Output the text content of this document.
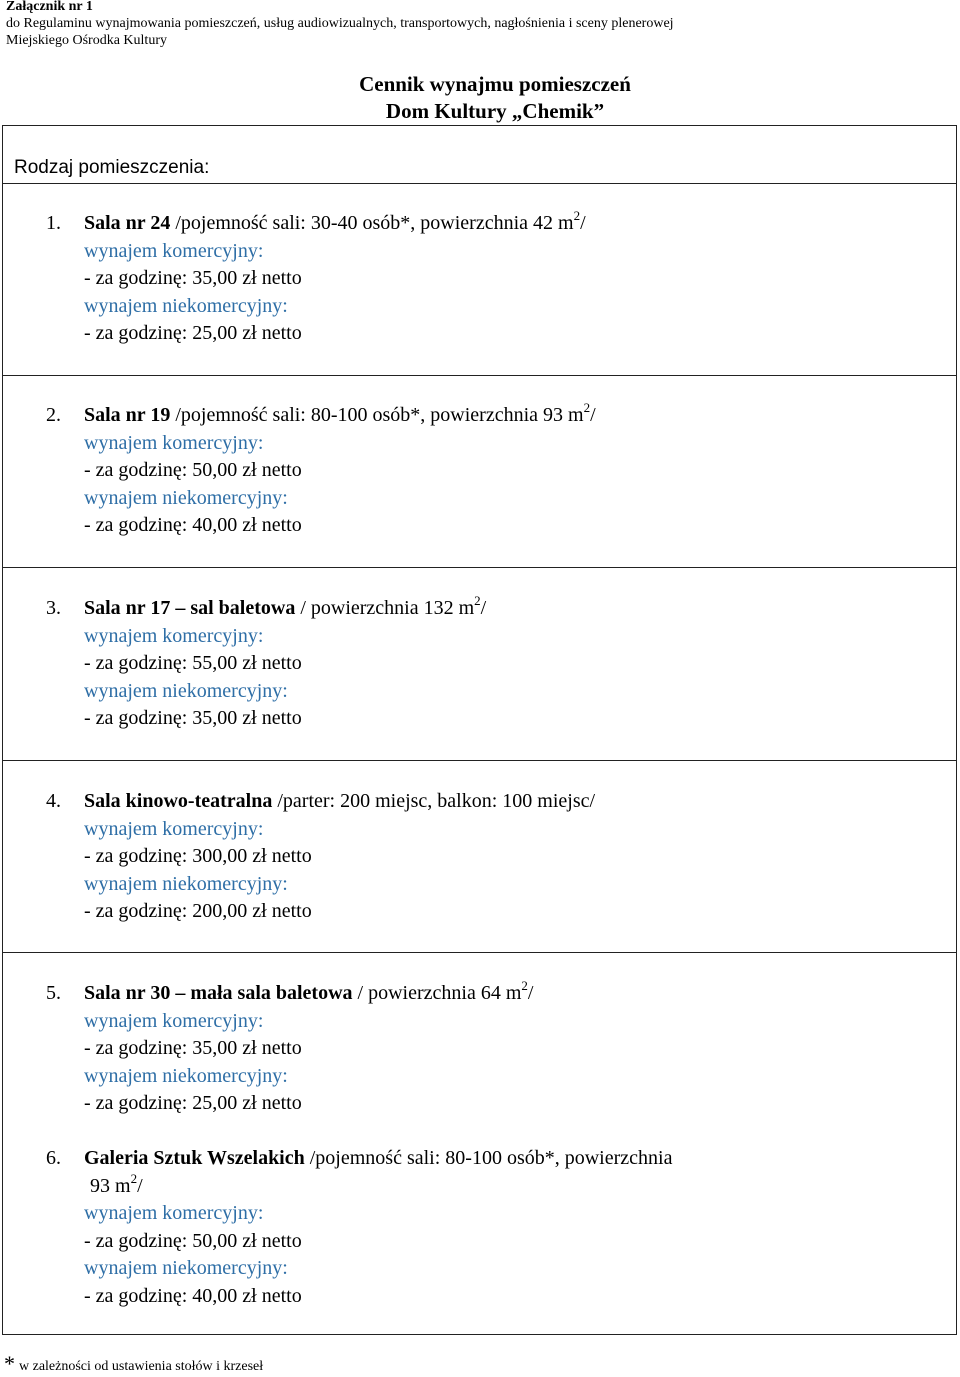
Załącznik nr 1
do Regulaminu wynajmowania pomieszczeń, usług audiowizualnych, transportowych, nagłośnienia i sceny plenerowej
Miejskiego Ośrodka Kultury
Cennik wynajmu pomieszczeń
Dom Kultury „Chemik”
Rodzaj pomieszczenia:
1. Sala nr 24 /pojemność sali: 30-40 osób*, powierzchnia 42 $m^2/$
wynajem komercyjny:
- za godzinę: 35,00 zł netto
wynajem niekomercyjny:
- za godzinę: 25,00 zł netto
2. Sala nr 19 /pojemność sali: 80-100 osób*, powierzchnia 93 $m^2/$
wynajem komercyjny:
- za godzinę: 50,00 zł netto
wynajem niekomercyjny:
- za godzinę: 40,00 zł netto
3. Sala nr 17 – sal baletowa / powierzchnia 132 $m^2/$
wynajem komercyjny:
- za godzinę: 55,00 zł netto
wynajem niekomercyjny:
- za godzinę: 35,00 zł netto
4. Sala kinowo-teatralna /parter: 200 miejsc, balkon: 100 miejsc/
wynajem komercyjny:
- za godzinę: 300,00 zł netto
wynajem niekomercyjny:
- za godzinę: 200,00 zł netto
5. Sala nr 30 – mała sala baletowa / powierzchnia 64 $m^2/$
wynajem komercyjny:
- za godzinę: 35,00 zł netto
wynajem niekomercyjny:
- za godzinę: 25,00 zł netto
6. Galeria Sztuk Wszelakich /pojemność sali: 80-100 osób*, powierzchnia
93 $m^2/$
wynajem komercyjny:
- za godzinę: 50,00 zł netto
wynajem niekomercyjny:
- za godzinę: 40,00 zł netto
* w zależności od ustawienia stołów i krzeseł
